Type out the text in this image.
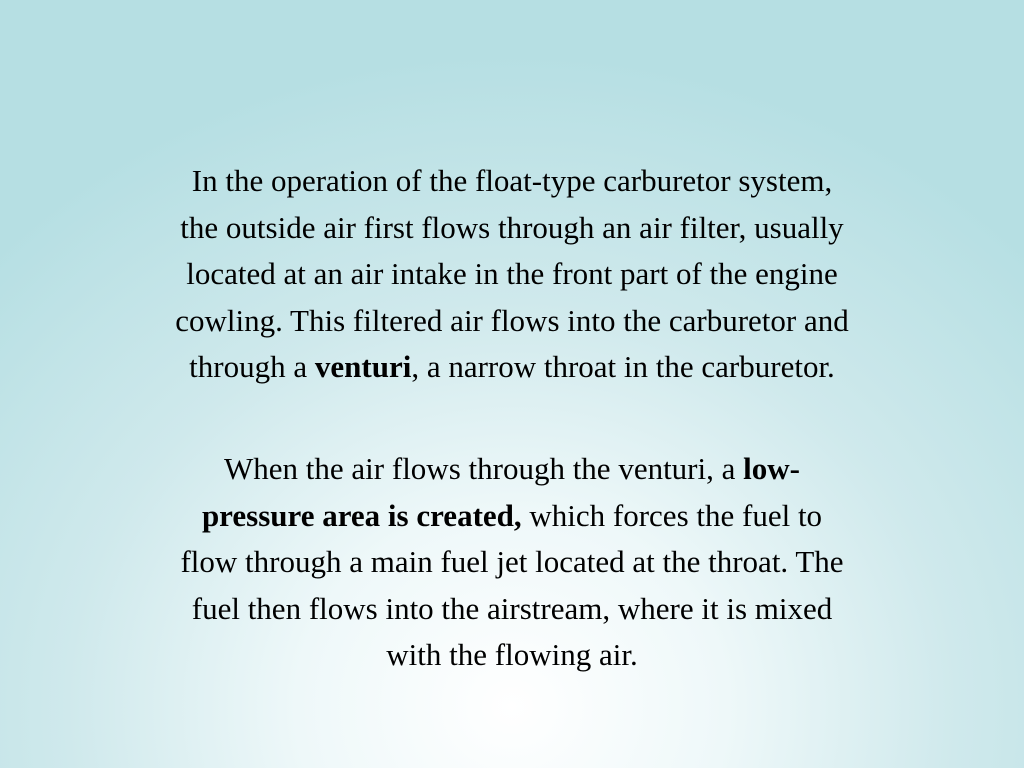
In the operation of the float-type carburetor system,
the outside air first flows through an air filter, usually
located at an air intake in the front part of the engine
cowling. This filtered air flows into the carburetor and
through a venturi, a narrow throat in the carburetor.
When the air flows through the venturi, a low-
pressure area is created, which forces the fuel to
flow through a main fuel jet located at the throat. The
fuel then flows into the airstream, where it is mixed
with the flowing air.
